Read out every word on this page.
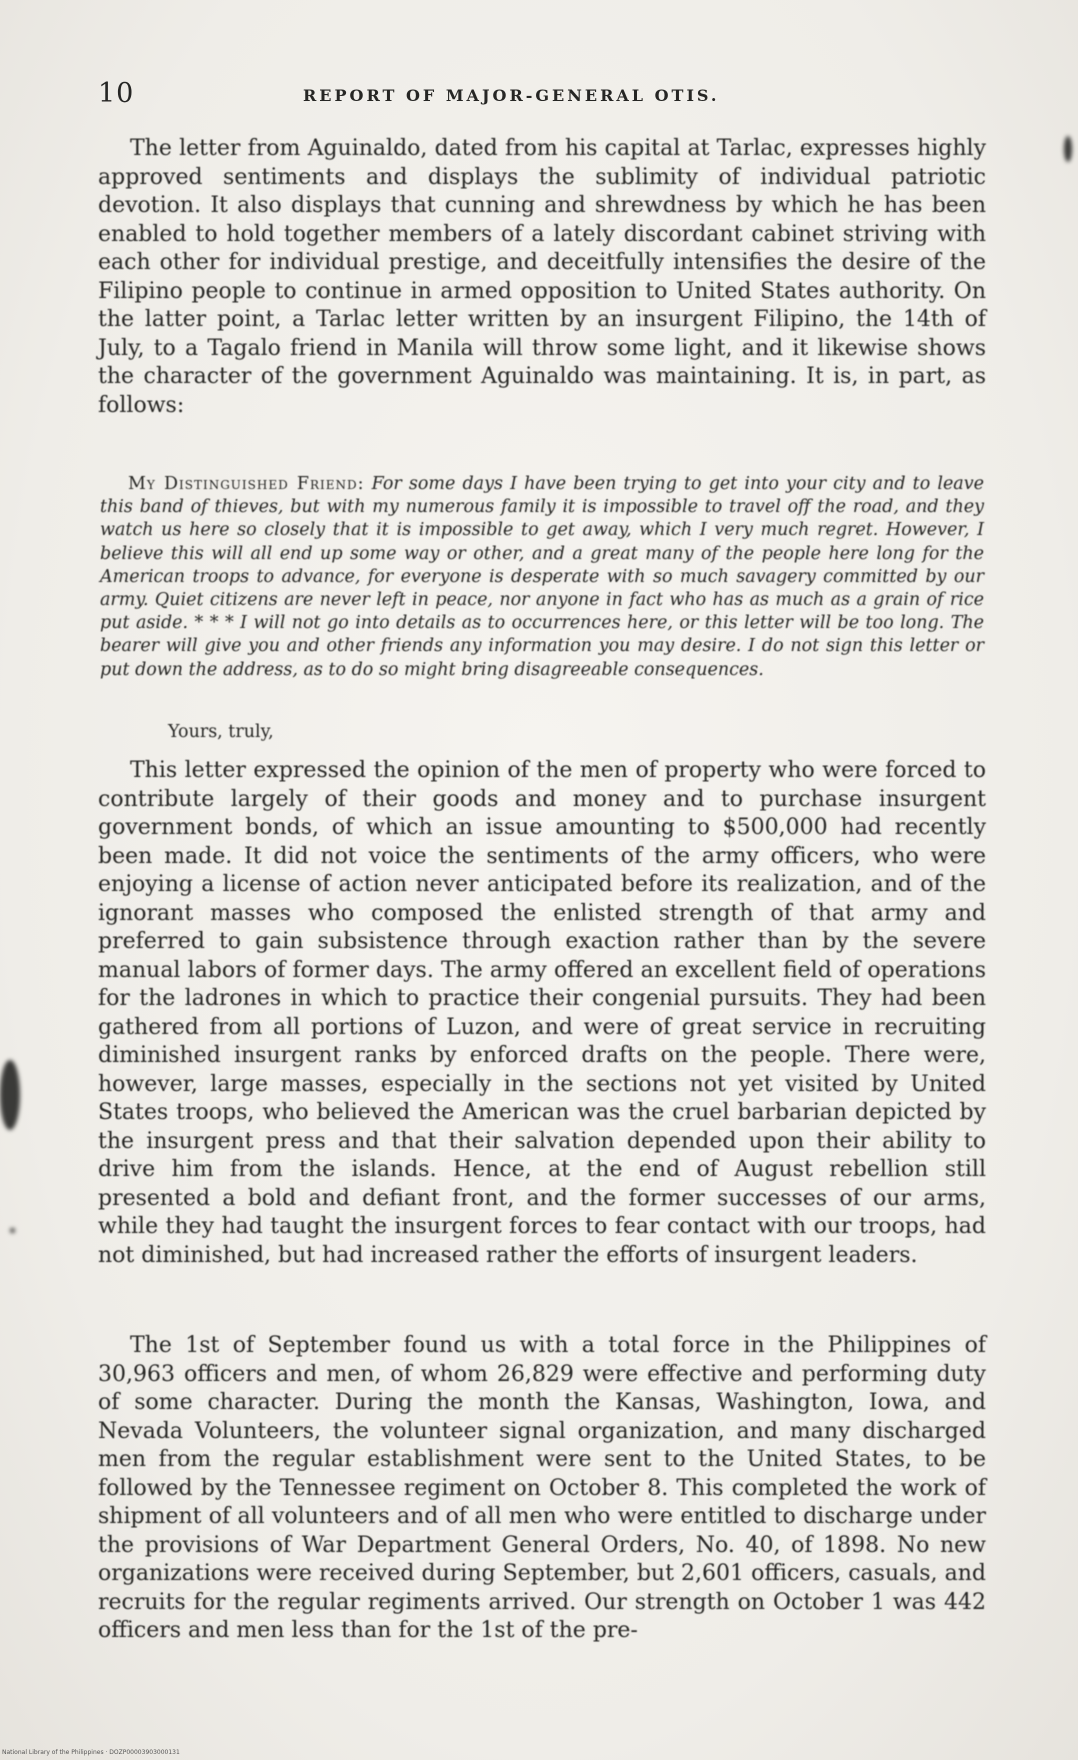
10	REPORT OF MAJOR-GENERAL OTIS.

The letter from Aguinaldo, dated from his capital at Tarlac, expresses highly approved sentiments and displays the sublimity of individual patriotic devotion. It also displays that cunning and shrewdness by which he has been enabled to hold together members of a lately discordant cabinet striving with each other for individual prestige, and deceitfully intensifies the desire of the Filipino people to continue in armed opposition to United States authority. On the latter point, a Tarlac letter written by an insurgent Filipino, the 14th of July, to a Tagalo friend in Manila will throw some light, and it likewise shows the character of the government Aguinaldo was maintaining. It is, in part, as follows:

My Distinguished Friend: For some days I have been trying to get into your city and to leave this band of thieves, but with my numerous family it is impossible to travel off the road, and they watch us here so closely that it is impossible to get away, which I very much regret. However, I believe this will all end up some way or other, and a great many of the people here long for the American troops to advance, for everyone is desperate with so much savagery committed by our army. Quiet citizens are never left in peace, nor anyone in fact who has as much as a grain of rice put aside. * * * I will not go into details as to occurrences here, or this letter will be too long. The bearer will give you and other friends any information you may desire. I do not sign this letter or put down the address, as to do so might bring disagreeable consequences.

Yours, truly,

This letter expressed the opinion of the men of property who were forced to contribute largely of their goods and money and to purchase insurgent government bonds, of which an issue amounting to $500,000 had recently been made. It did not voice the sentiments of the army officers, who were enjoying a license of action never anticipated before its realization, and of the ignorant masses who composed the enlisted strength of that army and preferred to gain subsistence through exaction rather than by the severe manual labors of former days. The army offered an excellent field of operations for the ladrones in which to practice their congenial pursuits. They had been gathered from all portions of Luzon, and were of great service in recruiting diminished insurgent ranks by enforced drafts on the people. There were, however, large masses, especially in the sections not yet visited by United States troops, who believed the American was the cruel barbarian depicted by the insurgent press and that their salvation depended upon their ability to drive him from the islands. Hence, at the end of August rebellion still presented a bold and defiant front, and the former successes of our arms, while they had taught the insurgent forces to fear contact with our troops, had not diminished, but had increased rather the efforts of insurgent leaders.

The 1st of September found us with a total force in the Philippines of 30,963 officers and men, of whom 26,829 were effective and performing duty of some character. During the month the Kansas, Washington, Iowa, and Nevada Volunteers, the volunteer signal organization, and many discharged men from the regular establishment were sent to the United States, to be followed by the Tennessee regiment on October 8. This completed the work of shipment of all volunteers and of all men who were entitled to discharge under the provisions of War Department General Orders, No. 40, of 1898. No new organizations were received during September, but 2,601 officers, casuals, and recruits for the regular regiments arrived. Our strength on October 1 was 442 officers and men less than for the 1st of the pre-

National Library of the Philippines · DOZP00003903000131
